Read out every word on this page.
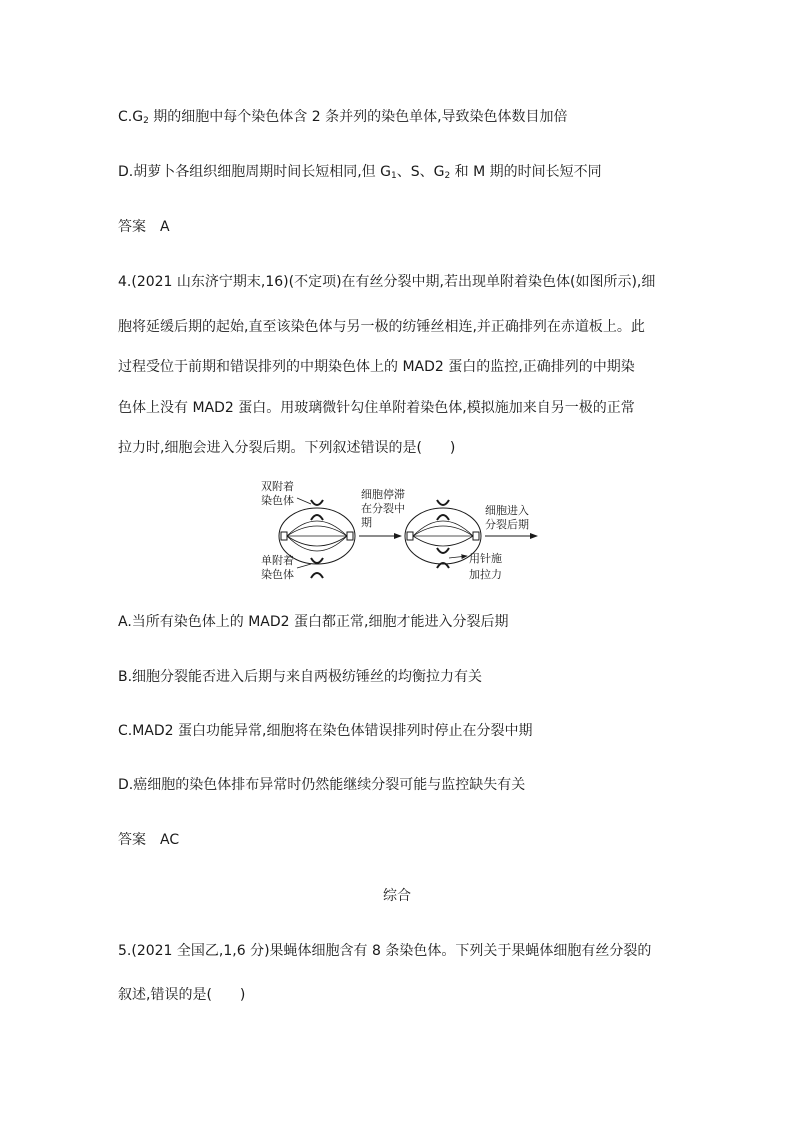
$C.G_2$ 期的细胞中每个染色体含 2 条并列的染色单体,导致染色体数目加倍

D.胡萝卜各组织细胞周期时间长短相同,但 $G_1$、S、$G_2$ 和 M 期的时间长短不同

答案　A

4.(2021 山东济宁期末,16)(不定项)在有丝分裂中期,若出现单附着染色体(如图所示),细

胞将延缓后期的起始,直至该染色体与另一极的纺锤丝相连,并正确排列在赤道板上。此

过程受位于前期和错误排列的中期染色体上的 MAD2 蛋白的监控,正确排列的中期染

色体上没有 MAD2 蛋白。用玻璃微针勾住单附着染色体,模拟施加来自另一极的正常

拉力时,细胞会进入分裂后期。下列叙述错误的是(　　)

双附着
染色体
单附着
染色体
细胞停滞
在分裂中
期
细胞进入
分裂后期
用针施
加拉力

A.当所有染色体上的 MAD2 蛋白都正常,细胞才能进入分裂后期

B.细胞分裂能否进入后期与来自两极纺锤丝的均衡拉力有关

C.MAD2 蛋白功能异常,细胞将在染色体错误排列时停止在分裂中期

D.癌细胞的染色体排布异常时仍然能继续分裂可能与监控缺失有关

答案　AC

综合

5.(2021 全国乙,1,6 分)果蝇体细胞含有 8 条染色体。下列关于果蝇体细胞有丝分裂的

叙述,错误的是(　　)
